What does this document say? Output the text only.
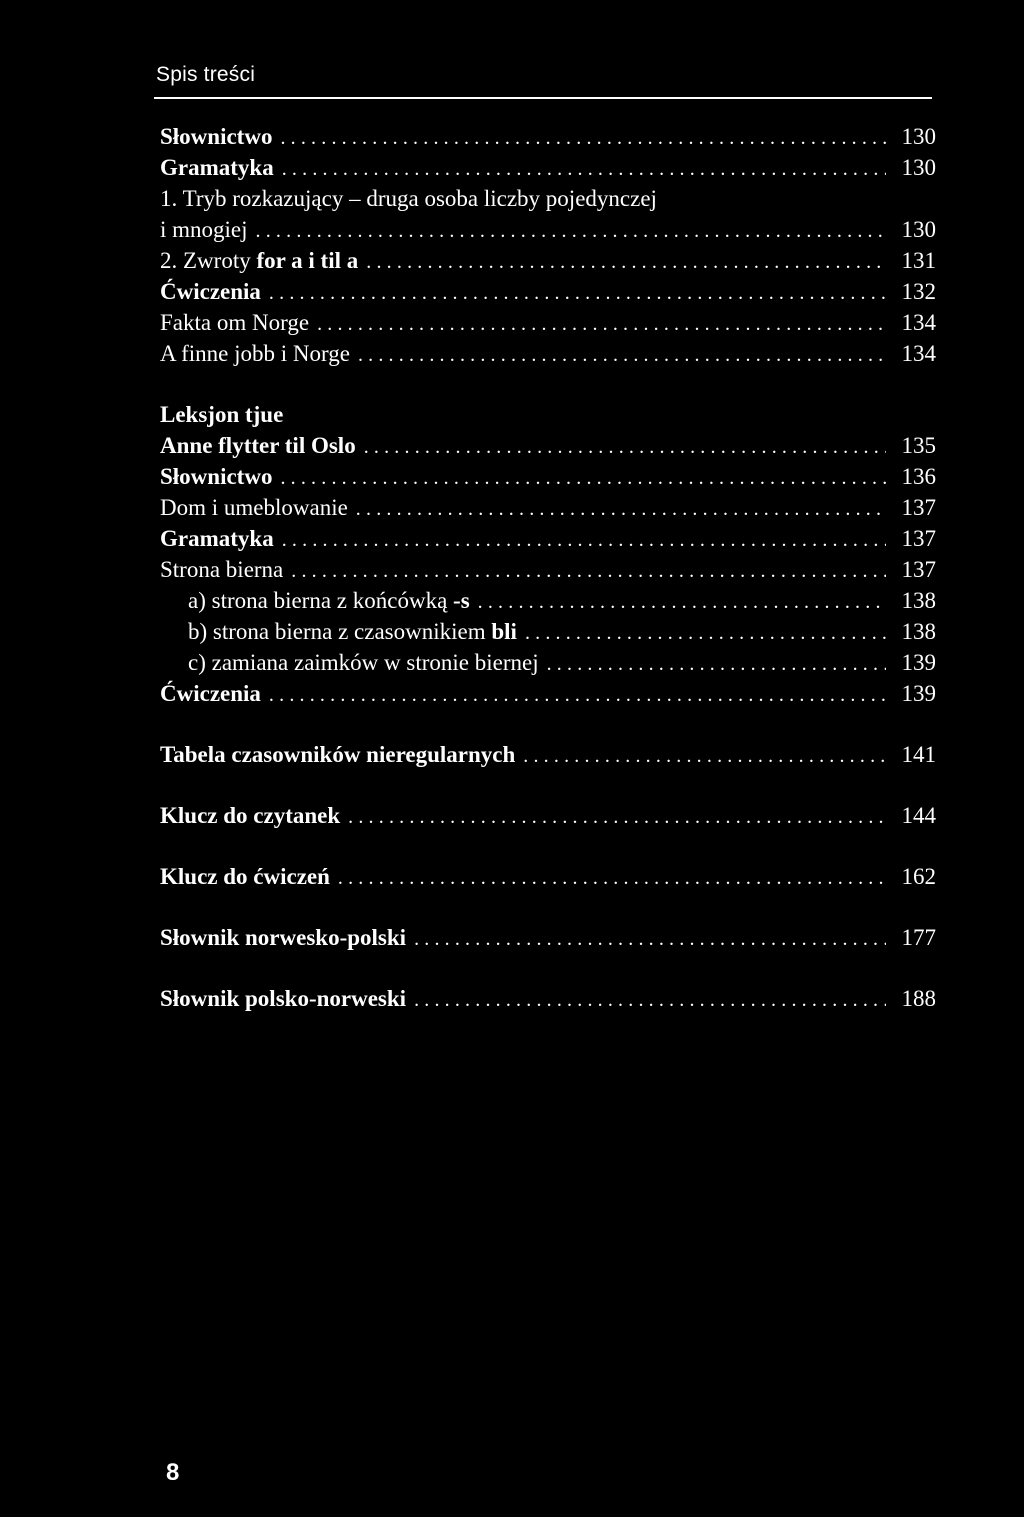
Spis treści
Słownictwo .....	130
Gramatyka .....	130
1. Tryb rozkazujący – druga osoba liczby pojedynczej
i mnogiej .....	130
2. Zwroty for a i til a .....	131
Ćwiczenia .....	132
Fakta om Norge .....	134
A finne jobb i Norge .....	134
Leksjon tjue
Anne flytter til Oslo .....	135
Słownictwo .....	136
Dom i umeblowanie .....	137
Gramatyka .....	137
Strona bierna .....	137
a) strona bierna z końcówką -s .....	138
b) strona bierna z czasownikiem bli .....	138
c) zamiana zaimków w stronie biernej .....	139
Ćwiczenia .....	139
Tabela czasowników nieregularnych .....	141
Klucz do czytanek .....	144
Klucz do ćwiczeń .....	162
Słownik norwesko-polski .....	177
Słownik polsko-norweski .....	188
8
